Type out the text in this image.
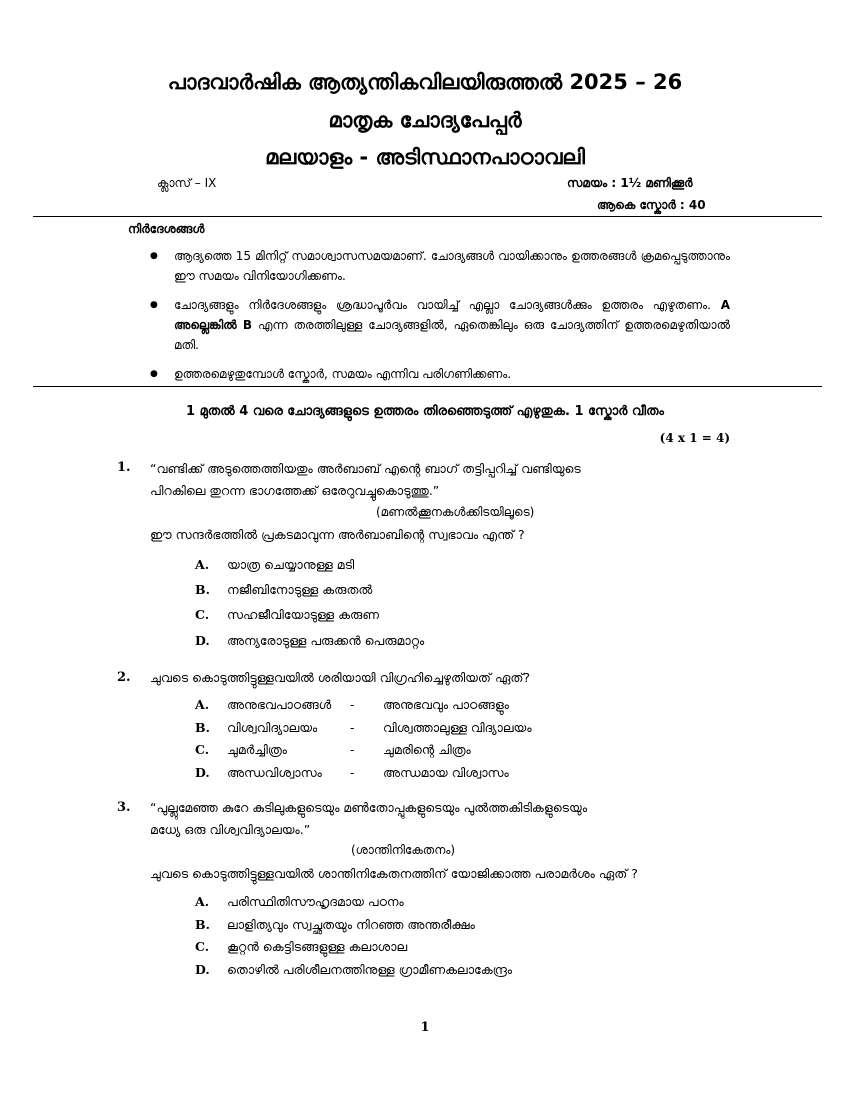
പാദവാർഷിക ആത്യന്തികവിലയിരുത്തൽ 2025 – 26
മാതൃക ചോദ്യപേപ്പർ
മലയാളം - അടിസ്ഥാനപാഠാവലി
ക്ലാസ് – IX	സമയം : 1½ മണിക്കൂർ
ആകെ സ്കോർ : 40
നിർദേശങ്ങൾ
● ആദ്യത്തെ 15 മിനിറ്റ് സമാശ്വാസസമയമാണ്. ചോദ്യങ്ങൾ വായിക്കാനും ഉത്തരങ്ങൾ ക്രമപ്പെടുത്താനും ഈ സമയം വിനിയോഗിക്കണം.
● ചോദ്യങ്ങളും നിർദേശങ്ങളും ശ്രദ്ധാപൂർവം വായിച്ച് എല്ലാ ചോദ്യങ്ങൾക്കും ഉത്തരം എഴുതണം. A അല്ലെങ്കിൽ B എന്ന തരത്തിലുള്ള ചോദ്യങ്ങളിൽ, ഏതെങ്കിലും ഒരു ചോദ്യത്തിന് ഉത്തരമെഴുതിയാൽ മതി.
● ഉത്തരമെഴുതുമ്പോൾ സ്കോർ, സമയം എന്നിവ പരിഗണിക്കണം.
1 മുതൽ 4 വരെ ചോദ്യങ്ങളുടെ ഉത്തരം തിരഞ്ഞെടുത്ത് എഴുതുക. 1 സ്കോർ വീതം
(4 x 1 = 4)
1. “വണ്ടിക്ക് അടുത്തെത്തിയതും അർബാബ് എന്റെ ബാഗ് തട്ടിപ്പറിച്ച് വണ്ടിയുടെ
പിറകിലെ തുറന്ന ഭാഗത്തേക്ക് ഒരേറുവച്ചുകൊടുത്തു.”
(മണൽക്കൂനകൾക്കിടയിലൂടെ)
ഈ സന്ദർഭത്തിൽ പ്രകടമാവുന്ന അർബാബിന്റെ സ്വഭാവം എന്ത് ?
A. യാത്ര ചെയ്യാനുള്ള മടി
B. നജീബിനോടുള്ള കരുതൽ
C. സഹജീവിയോടുള്ള കരുണ
D. അന്യരോടുള്ള പരുക്കൻ പെരുമാറ്റം
2. ചുവടെ കൊടുത്തിട്ടുള്ളവയിൽ ശരിയായി വിഗ്രഹിച്ചെഴുതിയത് ഏത്?
A. അനുഭവപാഠങ്ങൾ - അനുഭവവും പാഠങ്ങളും
B. വിശ്വവിദ്യാലയം	- വിശ്വത്താലുള്ള വിദ്യാലയം
C. ചുമർച്ചിത്രം	- ചുമരിന്റെ ചിത്രം
D. അന്ധവിശ്വാസം - അന്ധമായ വിശ്വാസം
3. “പുല്ലുമേഞ്ഞ കുറേ കുടിലുകളുടെയും മൺതോപ്പുകളുടെയും പുൽത്തകിടികളുടെയും
മധ്യേ ഒരു വിശ്വവിദ്യാലയം.”
(ശാന്തിനികേതനം)
ചുവടെ കൊടുത്തിട്ടുള്ളവയിൽ ശാന്തിനികേതനത്തിന് യോജിക്കാത്ത പരാമർശം ഏത് ?
A. പരിസ്ഥിതിസൗഹൃദമായ പഠനം
B. ലാളിത്യവും സ്വച്ഛതയും നിറഞ്ഞ അന്തരീക്ഷം
C. കൂറ്റൻ കെട്ടിടങ്ങളുള്ള കലാശാല
D. തൊഴിൽ പരിശീലനത്തിനുള്ള ഗ്രാമീണകലാകേന്ദ്രം
1
